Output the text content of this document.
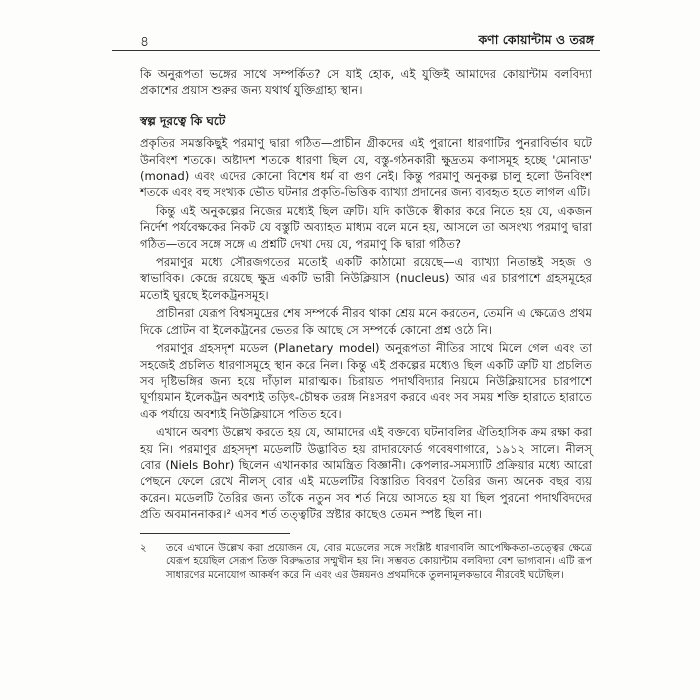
৪	কণা কোয়ান্টাম ও তরঙ্গ

কি অনুরূপতা ভঙ্গের সাথে সম্পর্কিত? সে যাই হোক, এই যুক্তিই আমাদের কোয়ান্টাম বলবিদ্যা প্রকাশের প্রয়াস শুরুর জন্য যথার্থ যুক্তিগ্রাহ্য স্থান।

স্বল্প দূরত্বে কি ঘটে

প্রকৃতির সমস্তকিছুই পরমাণু দ্বারা গঠিত—প্রাচীন গ্রীকদের এই পুরানো ধারণাটির পুনরাবির্ভাব ঘটে উনবিংশ শতকে। অষ্টাদশ শতকে ধারণা ছিল যে, বস্তু-গঠনকারী ক্ষুদ্রতম কণাসমূহ হচ্ছে 'মোনাড' (monad) এবং এদের কোনো বিশেষ ধর্ম বা গুণ নেই। কিন্তু পরমাণু অনুকল্প চালু হলো উনবিংশ শতকে এবং বহু সংখ্যক ভৌত ঘটনার প্রকৃতি-ভিত্তিক ব্যাখ্যা প্রদানের জন্য ব্যবহৃত হতে লাগল এটি।

কিন্তু এই অনুকল্পের নিজের মধ্যেই ছিল ত্রুটি। যদি কাউকে স্বীকার করে নিতে হয় যে, একজন নির্দেশ পর্যবেক্ষকের নিকট যে বস্তুটি অব্যাহত মাধ্যম বলে মনে হয়, আসলে তা অসংখ্য পরমাণু দ্বারা গঠিত—তবে সঙ্গে সঙ্গে এ প্রশ্নটি দেখা দেয় যে, পরমাণু কি দ্বারা গঠিত?

পরমাণুর মধ্যে সৌরজগতের মতোই একটি কাঠামো রয়েছে—এ ব্যাখ্যা নিতান্তই সহজ ও স্বাভাবিক। কেন্দ্রে রয়েছে ক্ষুদ্র একটি ভারী নিউক্লিয়াস (nucleus) আর এর চারপাশে গ্রহসমূহের মতোই ঘুরছে ইলেকট্রনসমূহ।

প্রাচীনরা যেরূপ বিশ্বসমুদ্রের শেষ সম্পর্কে নীরব থাকা শ্রেয় মনে করতেন, তেমনি এ ক্ষেত্রেও প্রথম দিকে প্রোটন বা ইলেকট্রনের ভেতর কি আছে সে সম্পর্কে কোনো প্রশ্ন ওঠে নি।

পরমাণুর গ্রহসদৃশ মডেল (Planetary model) অনুরূপতা নীতির সাথে মিলে গেল এবং তা সহজেই প্রচলিত ধারণাসমূহে স্থান করে নিল। কিন্তু এই প্রকল্পের মধ্যেও ছিল একটি ত্রুটি যা প্রচলিত সব দৃষ্টিভঙ্গির জন্য হয়ে দাঁড়াল মারাত্মক। চিরায়ত পদার্থবিদ্যার নিয়মে নিউক্লিয়াসের চারপাশে ঘূর্ণায়মান ইলেকট্রন অবশ্যই তড়িৎ-চৌম্বক তরঙ্গ নিঃসরণ করবে এবং সব সময় শক্তি হারাতে হারাতে এক পর্যায়ে অবশ্যই নিউক্লিয়াসে পতিত হবে।

এখানে অবশ্য উল্লেখ করতে হয় যে, আমাদের এই বক্তব্যে ঘটনাবলির ঐতিহাসিক ক্রম রক্ষা করা হয় নি। পরমাণুর গ্রহসদৃশ মডেলটি উদ্ভাবিত হয় রাদারফোর্ড গবেষণাগারে, ১৯১২ সালে। নীলস্ বোর (Niels Bohr) ছিলেন এখানকার আমন্ত্রিত বিজ্ঞানী। কেপলার-সমস্যাটি প্রক্রিয়ার মধ্যে আরো পেছনে ফেলে রেখে নীলস্ বোর এই মডেলটির বিস্তারিত বিবরণ তৈরির জন্য অনেক বছর ব্যয় করেন। মডেলটি তৈরির জন্য তাঁকে নতুন সব শর্ত নিয়ে আসতে হয় যা ছিল পুরনো পদার্থবিদদের প্রতি অবমাননাকর।² এসব শর্ত তত্ত্বটির স্রষ্টার কাছেও তেমন স্পষ্ট ছিল না।

২	তবে এখানে উল্লেখ করা প্রয়োজন যে, বোর মডেলের সঙ্গে সংশ্লিষ্ট ধারণাবলি আপেক্ষিকতা-তত্ত্বের ক্ষেত্রে যেরূপ হয়েছিল সেরূপ তিক্ত বিরুদ্ধতার সম্মুখীন হয় নি। সম্ভবত কোয়ান্টাম বলবিদ্যা বেশ ভাগ্যবান। এটি রূপ সাধারণের মনোযোগ আকর্ষণ করে নি এবং এর উন্নয়নও প্রথমদিকে তুলনামূলকভাবে নীরবেই ঘটেছিল।
